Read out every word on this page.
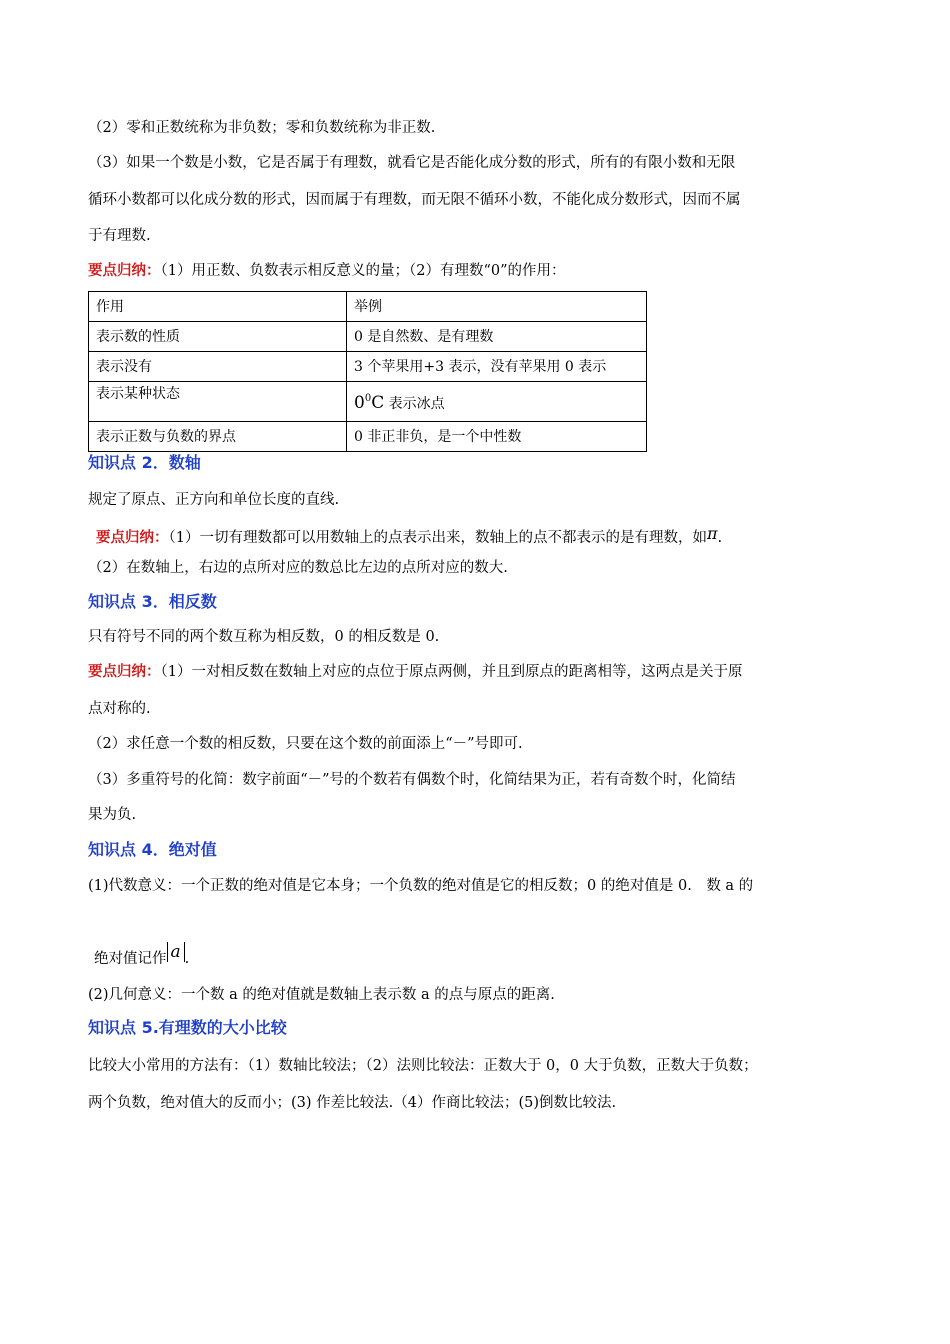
（2）零和正数统称为非负数；零和负数统称为非正数.
（3）如果一个数是小数，它是否属于有理数，就看它是否能化成分数的形式，所有的有限小数和无限
循环小数都可以化成分数的形式，因而属于有理数，而无限不循环小数，不能化成分数形式，因而不属
于有理数.
要点归纳：（1）用正数、负数表示相反意义的量；（2）有理数“0”的作用：
作用	举例
表示数的性质	0 是自然数、是有理数
表示没有	3 个苹果用+3 表示，没有苹果用 0 表示
表示某种状态	$0^0C$ 表示冰点
表示正数与负数的界点	0 非正非负，是一个中性数
知识点 2．数轴
规定了原点、正方向和单位长度的直线.
要点归纳：（1）一切有理数都可以用数轴上的点表示出来，数轴上的点不都表示的是有理数，如π.
（2）在数轴上，右边的点所对应的数总比左边的点所对应的数大.
知识点 3．相反数
只有符号不同的两个数互称为相反数，0 的相反数是 0.
要点归纳：（1）一对相反数在数轴上对应的点位于原点两侧，并且到原点的距离相等，这两点是关于原
点对称的.
（2）求任意一个数的相反数，只要在这个数的前面添上“－”号即可.
（3）多重符号的化简：数字前面“－”号的个数若有偶数个时，化简结果为正，若有奇数个时，化简结
果为负.
知识点 4．绝对值
(1)代数意义：一个正数的绝对值是它本身；一个负数的绝对值是它的相反数；0 的绝对值是 0.　数 a 的
绝对值记作 a .
(2)几何意义：一个数 a 的绝对值就是数轴上表示数 a 的点与原点的距离.
知识点 5.有理数的大小比较
比较大小常用的方法有：（1）数轴比较法；（2）法则比较法：正数大于 0，0 大于负数，正数大于负数；
两个负数，绝对值大的反而小；(3) 作差比较法.（4）作商比较法；(5)倒数比较法.
